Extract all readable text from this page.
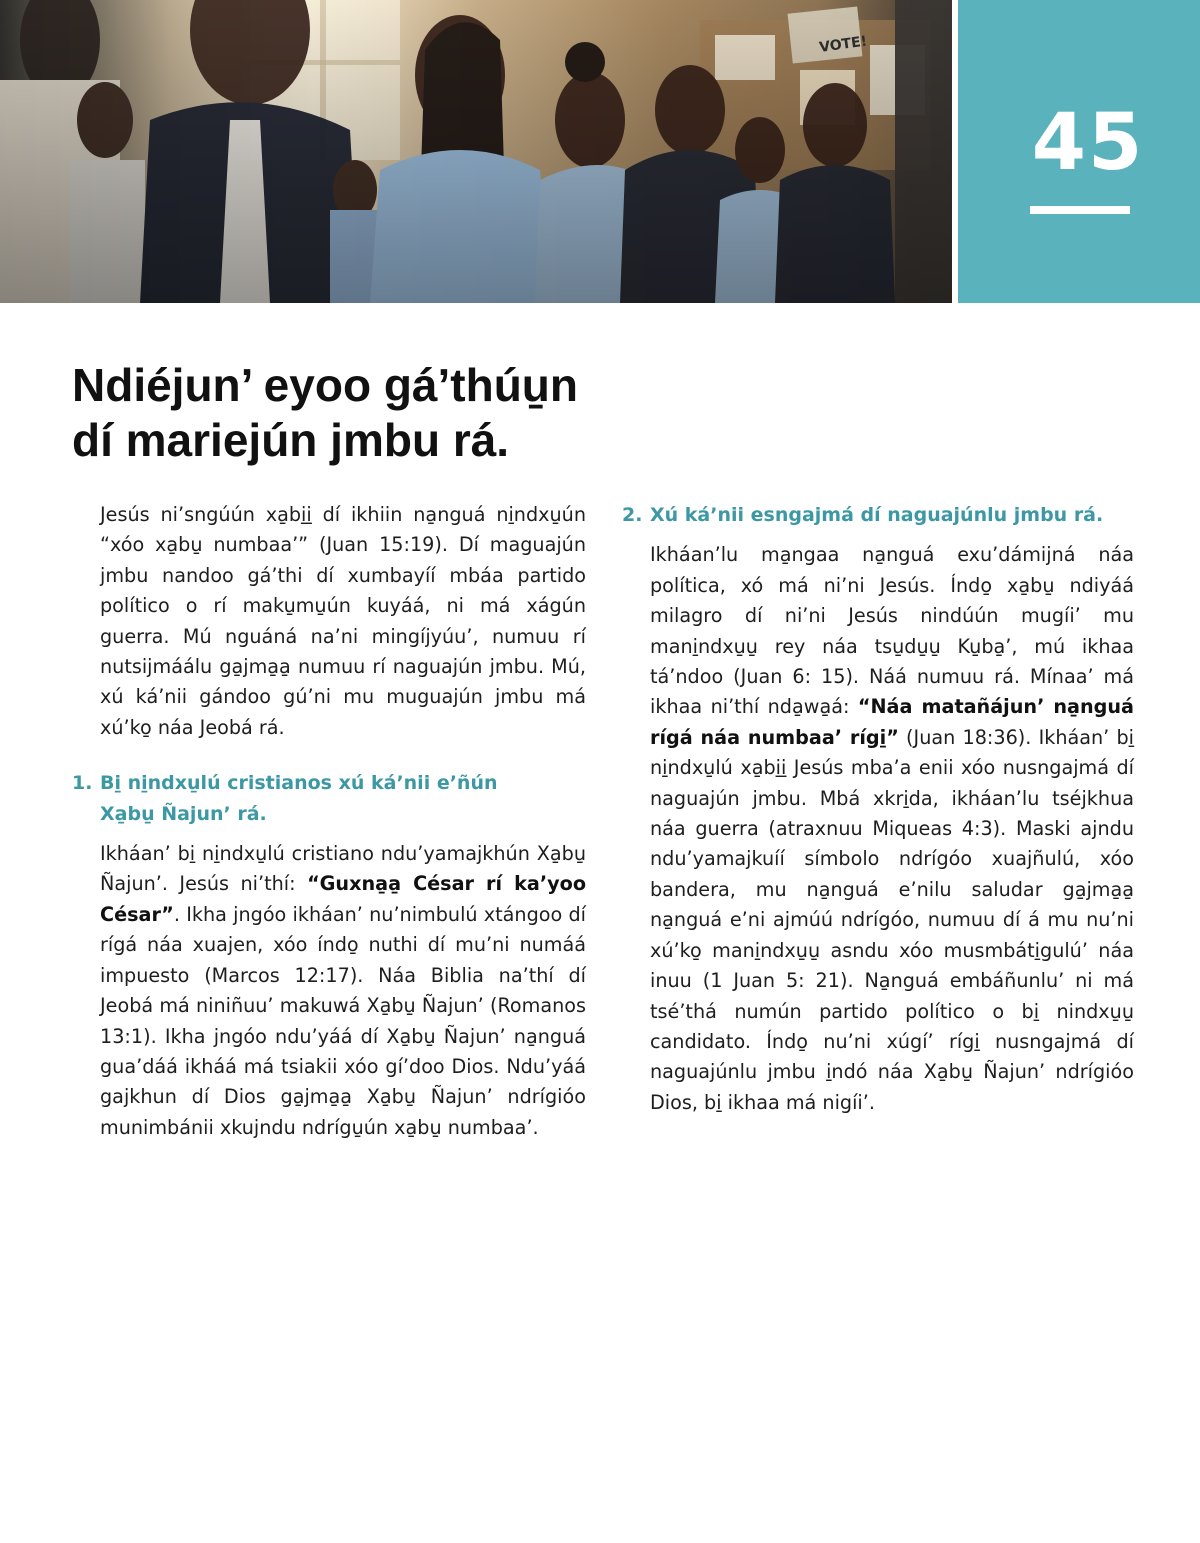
VOTE!
45
Ndiéjun’ eyoo gá’thúu̱n
dí mariejún jmbu rá.

Jesús ni’sngúún xa̱bi̱i̱ dí ikhiin na̱nguá ni̱ndxu̱ún “xóo xa̱bu̱ numbaa’” (Juan 15:19). Dí maguajún jmbu nandoo gá’thi dí xumbayíí mbáa partido político o rí maku̱mu̱ún kuyáá, ni má xágún guerra. Mú nguáná na’ni mingíjyúu’, numuu rí nutsijmáálu ga̱jma̱a̱ numuu rí naguajún jmbu. Mú, xú ká’nii gándoo gú’ni mu muguajún jmbu má xú’ko̱ náa Jeobá rá.

1. Bi̱ ni̱ndxu̱lú cristianos xú ká’nii e’ñún
Xa̱bu̱ Ñajun’ rá.

Ikháan’ bi̱ ni̱ndxu̱lú cristiano ndu’yamajkhún Xa̱bu̱ Ñajun’. Jesús ni’thí: “Guxna̱a̱ César rí ka’yoo César”. Ikha jngóo ikháan’ nu’nimbulú xtángoo dí rígá náa xuajen, xóo índo̱ nuthi dí mu’ni numáá impuesto (Marcos 12:17). Náa Biblia na’thí dí Jeobá má niniñuu’ makuwá Xa̱bu̱ Ñajun’ (Romanos 13:1). Ikha jngóo ndu’yáá dí Xa̱bu̱ Ñajun’ na̱nguá gua’dáá ikháá má tsiakii xóo gí’doo Dios. Ndu’yáá gajkhun dí Dios ga̱jma̱a̱ Xa̱bu̱ Ñajun’ ndrígióo munimbánii xkujndu ndrígu̱ún xa̱bu̱ numbaa’.

2. Xú ká’nii esngajmá dí naguajúnlu jmbu rá.

Ikháan’lu ma̱ngaa na̱nguá exu’dámijná náa política, xó má ni’ni Jesús. Índo̱ xa̱bu̱ ndiyáá milagro dí ni’ni Jesús nindúún mugíi’ mu mani̱ndxu̱u̱ rey náa tsu̱du̱u̱ Ku̱ba̱’, mú ikhaa tá’ndoo (Juan 6: 15). Náá numuu rá. Mínaa’ má ikhaa ni’thí nda̱wa̱á: “Náa matañájun’ na̱nguá rígá náa numbaa’ rígi̱” (Juan 18:36). Ikháan’ bi̱ ni̱ndxu̱lú xa̱bi̱i̱ Jesús mba’a enii xóo nusngajmá dí naguajún jmbu. Mbá xkri̱da, ikháan’lu tséjkhua náa guerra (atraxnuu Miqueas 4:3). Maski ajndu ndu’yamajkuíí símbolo ndrígóo xuajñulú, xóo bandera, mu na̱nguá e’nilu saludar ga̱jma̱a̱ na̱nguá e’ni ajmúú ndrígóo, numuu dí á mu nu’ni xú’ko̱ mani̱ndxu̱u̱ asndu xóo musmbáti̱gulú’ náa inuu (1 Juan 5: 21). Na̱nguá embáñunlu’ ni má tsé’thá numún partido político o bi̱ nindxu̱u̱ candidato. Índo̱ nu’ni xúgí’ rígi̱ nusngajmá dí naguajúnlu jmbu i̱ndó náa Xa̱bu̱ Ñajun’ ndrígióo Dios, bi̱ ikhaa má nigíi’.
